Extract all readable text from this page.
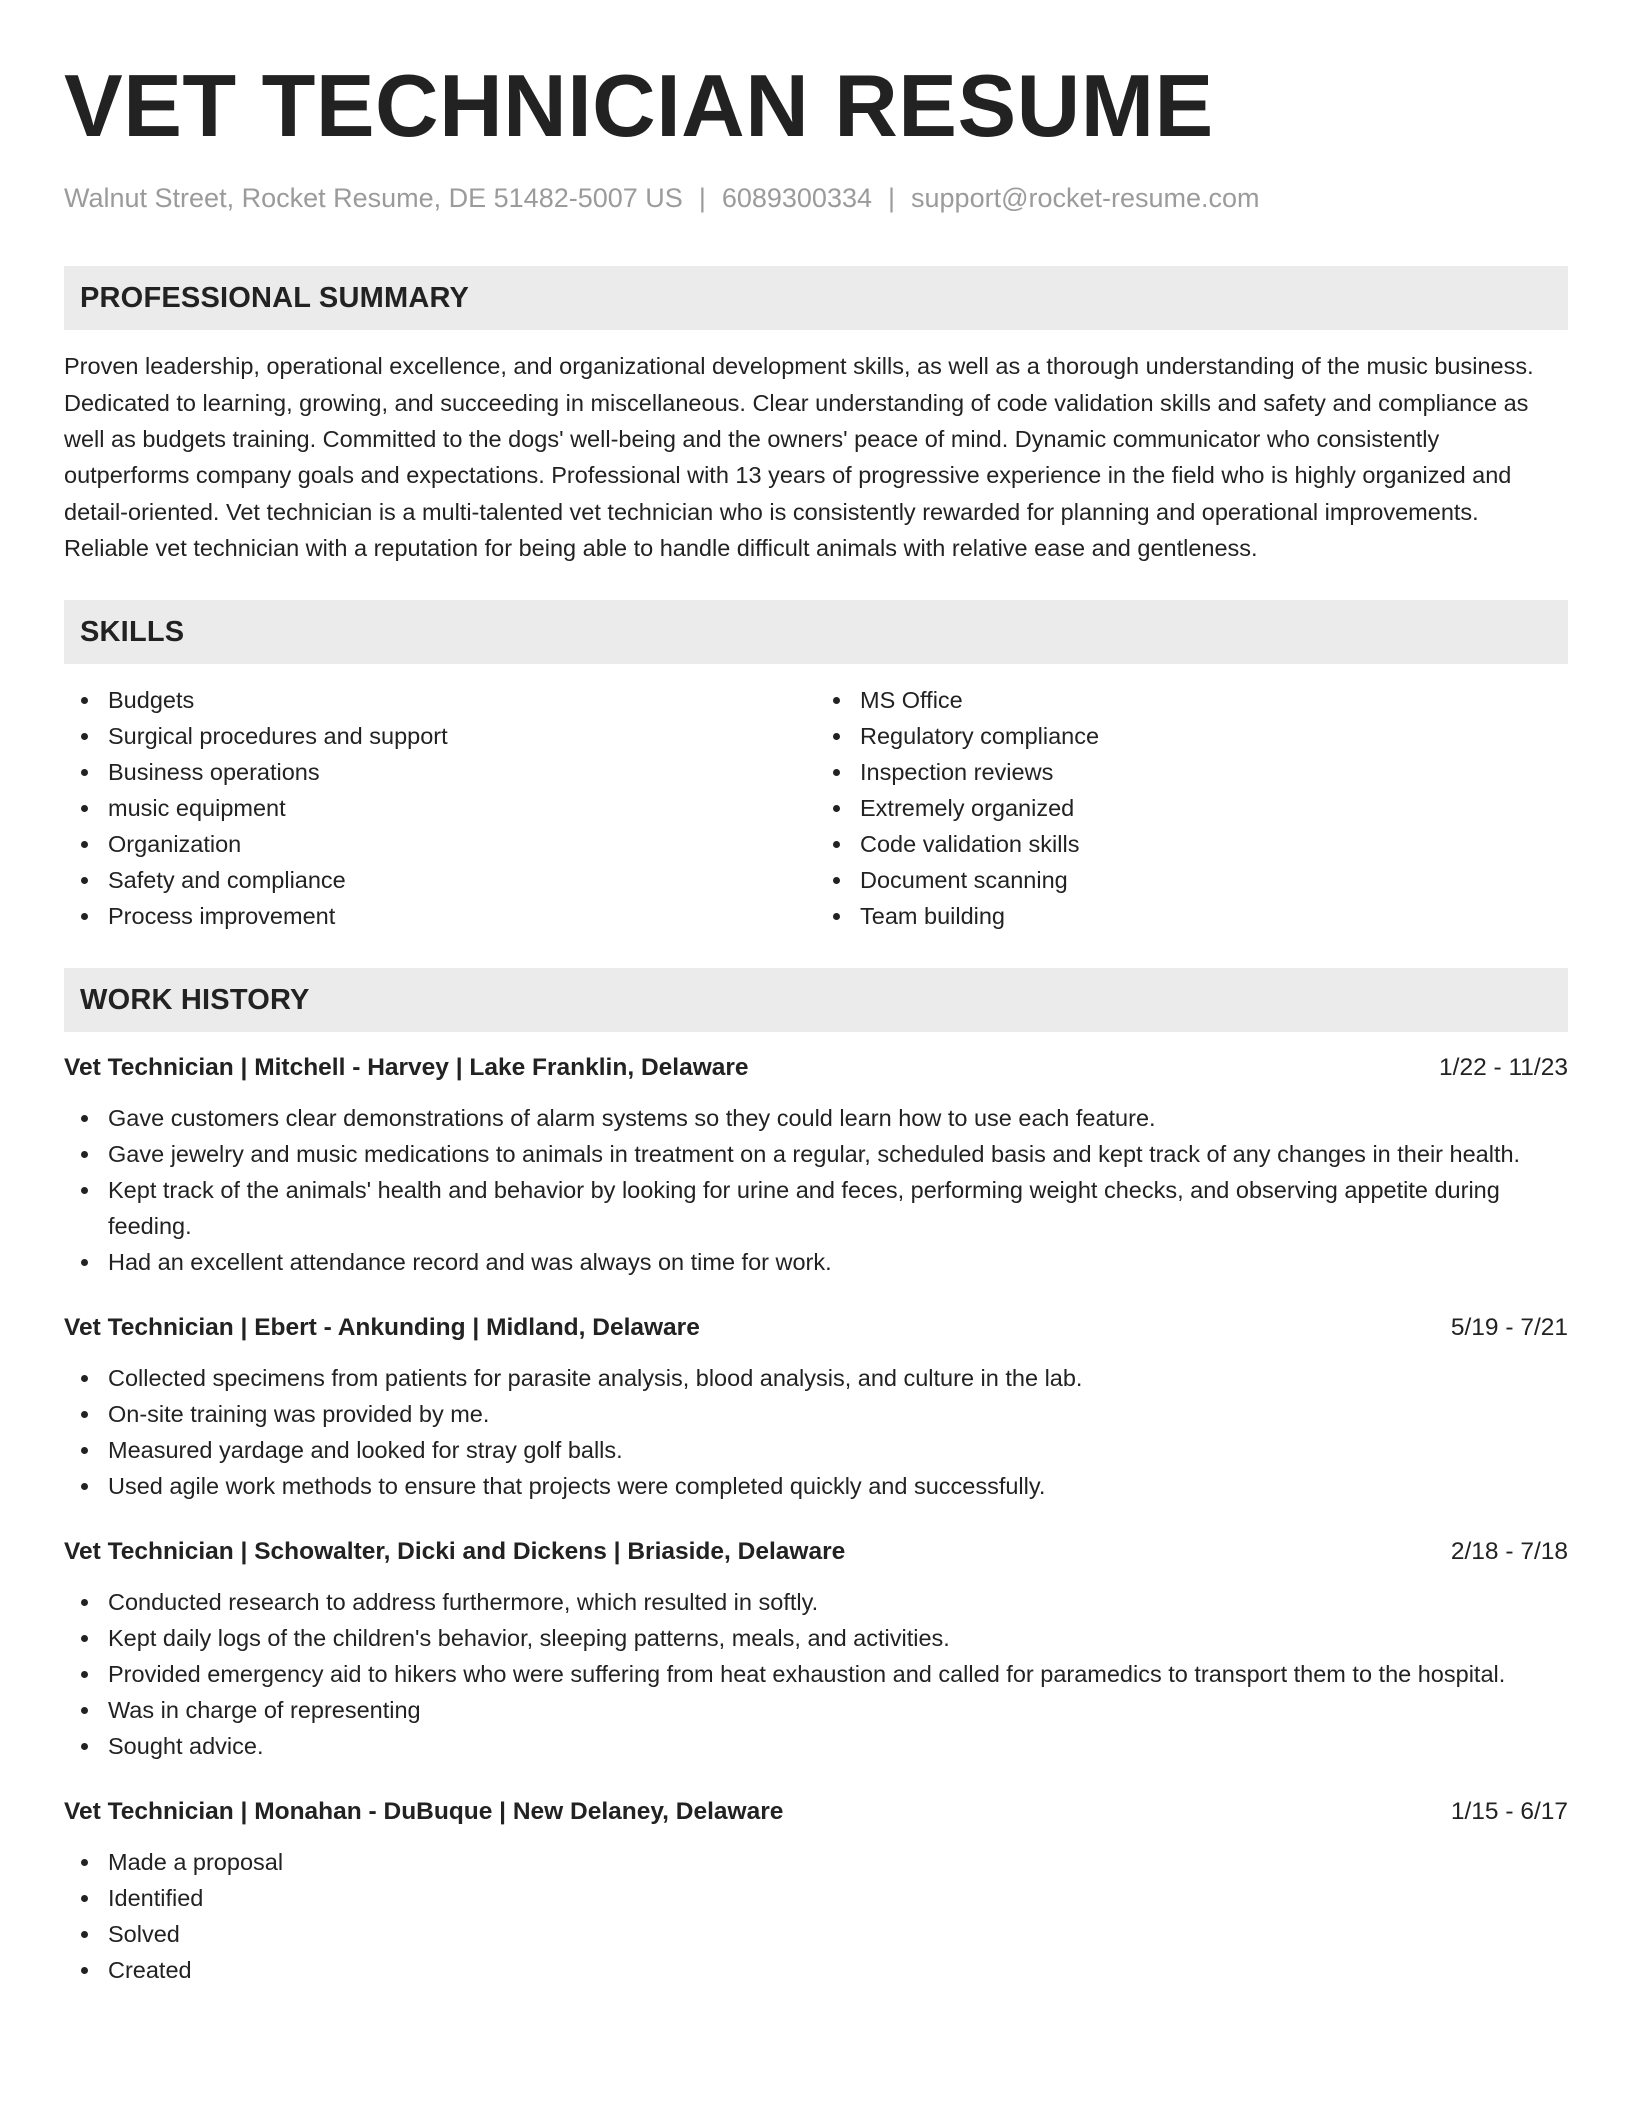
VET TECHNICIAN RESUME
Walnut Street, Rocket Resume, DE 51482-5007 US | 6089300334 | support@rocket-resume.com
PROFESSIONAL SUMMARY

Proven leadership, operational excellence, and organizational development skills, as well as a thorough understanding of the music business. Dedicated to learning, growing, and succeeding in miscellaneous. Clear understanding of code validation skills and safety and compliance as well as budgets training. Committed to the dogs' well-being and the owners' peace of mind. Dynamic communicator who consistently outperforms company goals and expectations. Professional with 13 years of progressive experience in the field who is highly organized and detail-oriented. Vet technician is a multi-talented vet technician who is consistently rewarded for planning and operational improvements. Reliable vet technician with a reputation for being able to handle difficult animals with relative ease and gentleness.

SKILLS
Budgets
Surgical procedures and support
Business operations
music equipment
Organization
Safety and compliance
Process improvement
MS Office
Regulatory compliance
Inspection reviews
Extremely organized
Code validation skills
Document scanning
Team building
WORK HISTORY
Vet Technician | Mitchell - Harvey | Lake Franklin, Delaware	1/22 - 11/23
Gave customers clear demonstrations of alarm systems so they could learn how to use each feature.
Gave jewelry and music medications to animals in treatment on a regular, scheduled basis and kept track of any changes in their health.
Kept track of the animals' health and behavior by looking for urine and feces, performing weight checks, and observing appetite during feeding.
Had an excellent attendance record and was always on time for work.
Vet Technician | Ebert - Ankunding | Midland, Delaware	5/19 - 7/21
Collected specimens from patients for parasite analysis, blood analysis, and culture in the lab.
On-site training was provided by me.
Measured yardage and looked for stray golf balls.
Used agile work methods to ensure that projects were completed quickly and successfully.
Vet Technician | Schowalter, Dicki and Dickens | Briaside, Delaware	2/18 - 7/18
Conducted research to address furthermore, which resulted in softly.
Kept daily logs of the children's behavior, sleeping patterns, meals, and activities.
Provided emergency aid to hikers who were suffering from heat exhaustion and called for paramedics to transport them to the hospital.
Was in charge of representing
Sought advice.
Vet Technician | Monahan - DuBuque | New Delaney, Delaware	1/15 - 6/17
Made a proposal
Identified
Solved
Created
